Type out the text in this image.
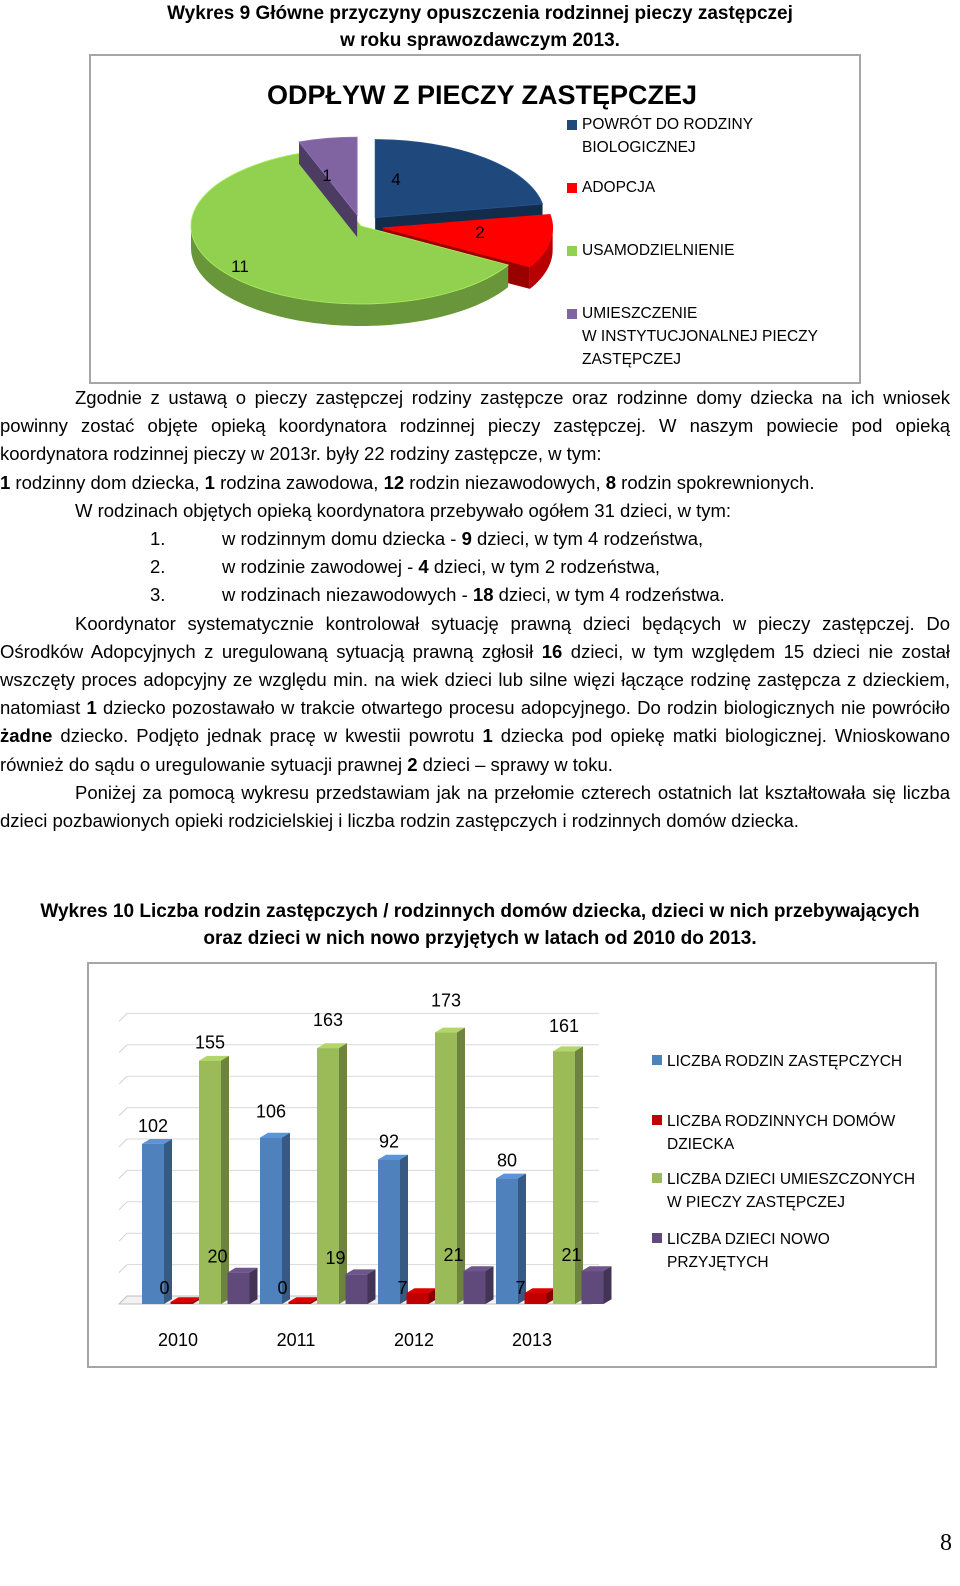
Wykres 9 Główne przyczyny opuszczenia rodzinnej pieczy zastępczej
w roku sprawozdawczym 2013.
ODPŁYW Z PIECZY ZASTĘPCZEJ
4
2
11
1
POWRÓT DO RODZINY
BIOLOGICZNEJ
ADOPCJA
USAMODZIELNIENIE
UMIESZCZENIE
W INSTYTUCJONALNEJ PIECZY
ZASTĘPCZEJ

Zgodnie z ustawą o pieczy zastępczej rodziny zastępcze oraz rodzinne domy dziecka na ich wniosek powinny zostać objęte opieką koordynatora rodzinnej pieczy zastępczej. W naszym powiecie pod opieką koordynatora rodzinnej pieczy w 2013r. były 22 rodziny zastępcze, w tym:
1 rodzinny dom dziecka, 1 rodzina zawodowa, 12 rodzin niezawodowych, 8 rodzin spokrewnionych.

W rodzinach objętych opieką koordynatora przebywało ogółem 31 dzieci, w tym:

1.	w rodzinnym domu dziecka - 9 dzieci, w tym 4 rodzeństwa,
2.	w rodzinie zawodowej - 4 dzieci, w tym 2 rodzeństwa,
3.	w rodzinach niezawodowych - 18 dzieci, w tym 4 rodzeństwa.

Koordynator systematycznie kontrolował sytuację prawną dzieci będących w pieczy zastępczej. Do Ośrodków Adopcyjnych z uregulowaną sytuacją prawną zgłosił 16 dzieci, w tym względem 15 dzieci nie został wszczęty proces adopcyjny ze względu min. na wiek dzieci lub silne więzi łączące rodzinę zastępcza z dzieckiem, natomiast 1 dziecko pozostawało w trakcie otwartego procesu adopcyjnego. Do rodzin biologicznych nie powróciło żadne dziecko. Podjęto jednak pracę w kwestii powrotu 1 dziecka pod opiekę matki biologicznej. Wnioskowano również do sądu o uregulowanie sytuacji prawnej 2 dzieci – sprawy w toku.

Poniżej za pomocą wykresu przedstawiam jak na przełomie czterech ostatnich lat kształtowała się liczba dzieci pozbawionych opieki rodzicielskiej i liczba rodzin zastępczych i rodzinnych domów dziecka.

Wykres 10 Liczba rodzin zastępczych / rodzinnych domów dziecka, dzieci w nich przebywających
oraz dzieci w nich nowo przyjętych w latach od 2010 do 2013.
102
0
155
20
2010
106
0
163
19
2011
92
7
173
21
2012
80
7
161
21
2013
LICZBA RODZIN ZASTĘPCZYCH
LICZBA RODZINNYCH DOMÓW
DZIECKA
LICZBA DZIECI UMIESZCZONYCH
W PIECZY ZASTĘPCZEJ
LICZBA DZIECI NOWO
PRZYJĘTYCH
8
